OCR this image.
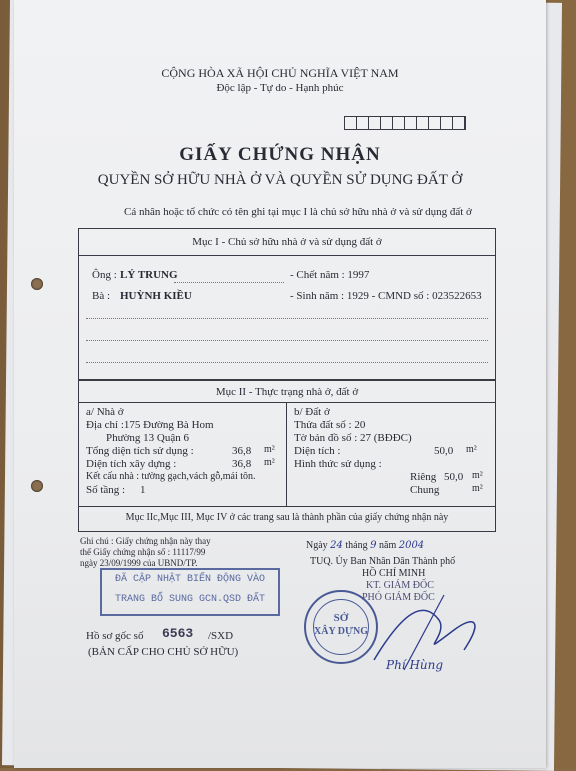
CỘNG HÒA XÃ HỘI CHỦ NGHĨA VIỆT NAM
Độc lập - Tự do - Hạnh phúc
GIẤY CHỨNG NHẬN
QUYỀN SỞ HỮU NHÀ Ở VÀ QUYỀN SỬ DỤNG ĐẤT Ở
Cá nhân hoặc tổ chức có tên ghi tại mục I là chủ sở hữu nhà ở và sử dụng đất ở
Mục I - Chủ sở hữu nhà ở và sử dụng đất ở
Ông : LÝ TRUNG	- Chết năm : 1997
Bà : HUỲNH KIỀU	- Sinh năm : 1929 - CMND số : 023522653
Mục II - Thực trạng nhà ở, đất ở
a/ Nhà ở
Địa chỉ :175 Đường Bà Hom
Phường 13 Quận 6
Tổng diện tích sử dụng :	36,8 m²
Diện tích xây dựng :	36,8 m²
Kết cấu nhà : tường gạch,vách gỗ,mái tôn.
Số tầng : 1
b/ Đất ở
Thửa đất số : 20
Tờ bản đồ số : 27 (BĐĐC)
Diện tích :	50,0 m²
Hình thức sử dụng :
Riêng 50,0 m²
Chung	m²
Mục IIc,Mục III, Mục IV ở các trang sau là thành phần của giấy chứng nhận này
Ghi chú : Giấy chứng nhận này thay
thế Giấy chứng nhận số : 11117/99
ngày 23/09/1999 của UBND/TP.
ĐÃ CẬP NHẬT BIẾN ĐỘNG VÀO
TRANG BỔ SUNG GCN.QSD ĐẤT
Hồ sơ gốc số 6563 /SXD
(BẢN CẤP CHO CHỦ SỞ HỮU)
Ngày 24 tháng 9 năm 2004
TUQ. Ủy Ban Nhân Dân Thành phố
HỒ CHÍ MINH
KT. GIÁM ĐỐC
PHÓ GIÁM ĐỐC
SỞ
XÂY DỰNG
Phí Hùng
